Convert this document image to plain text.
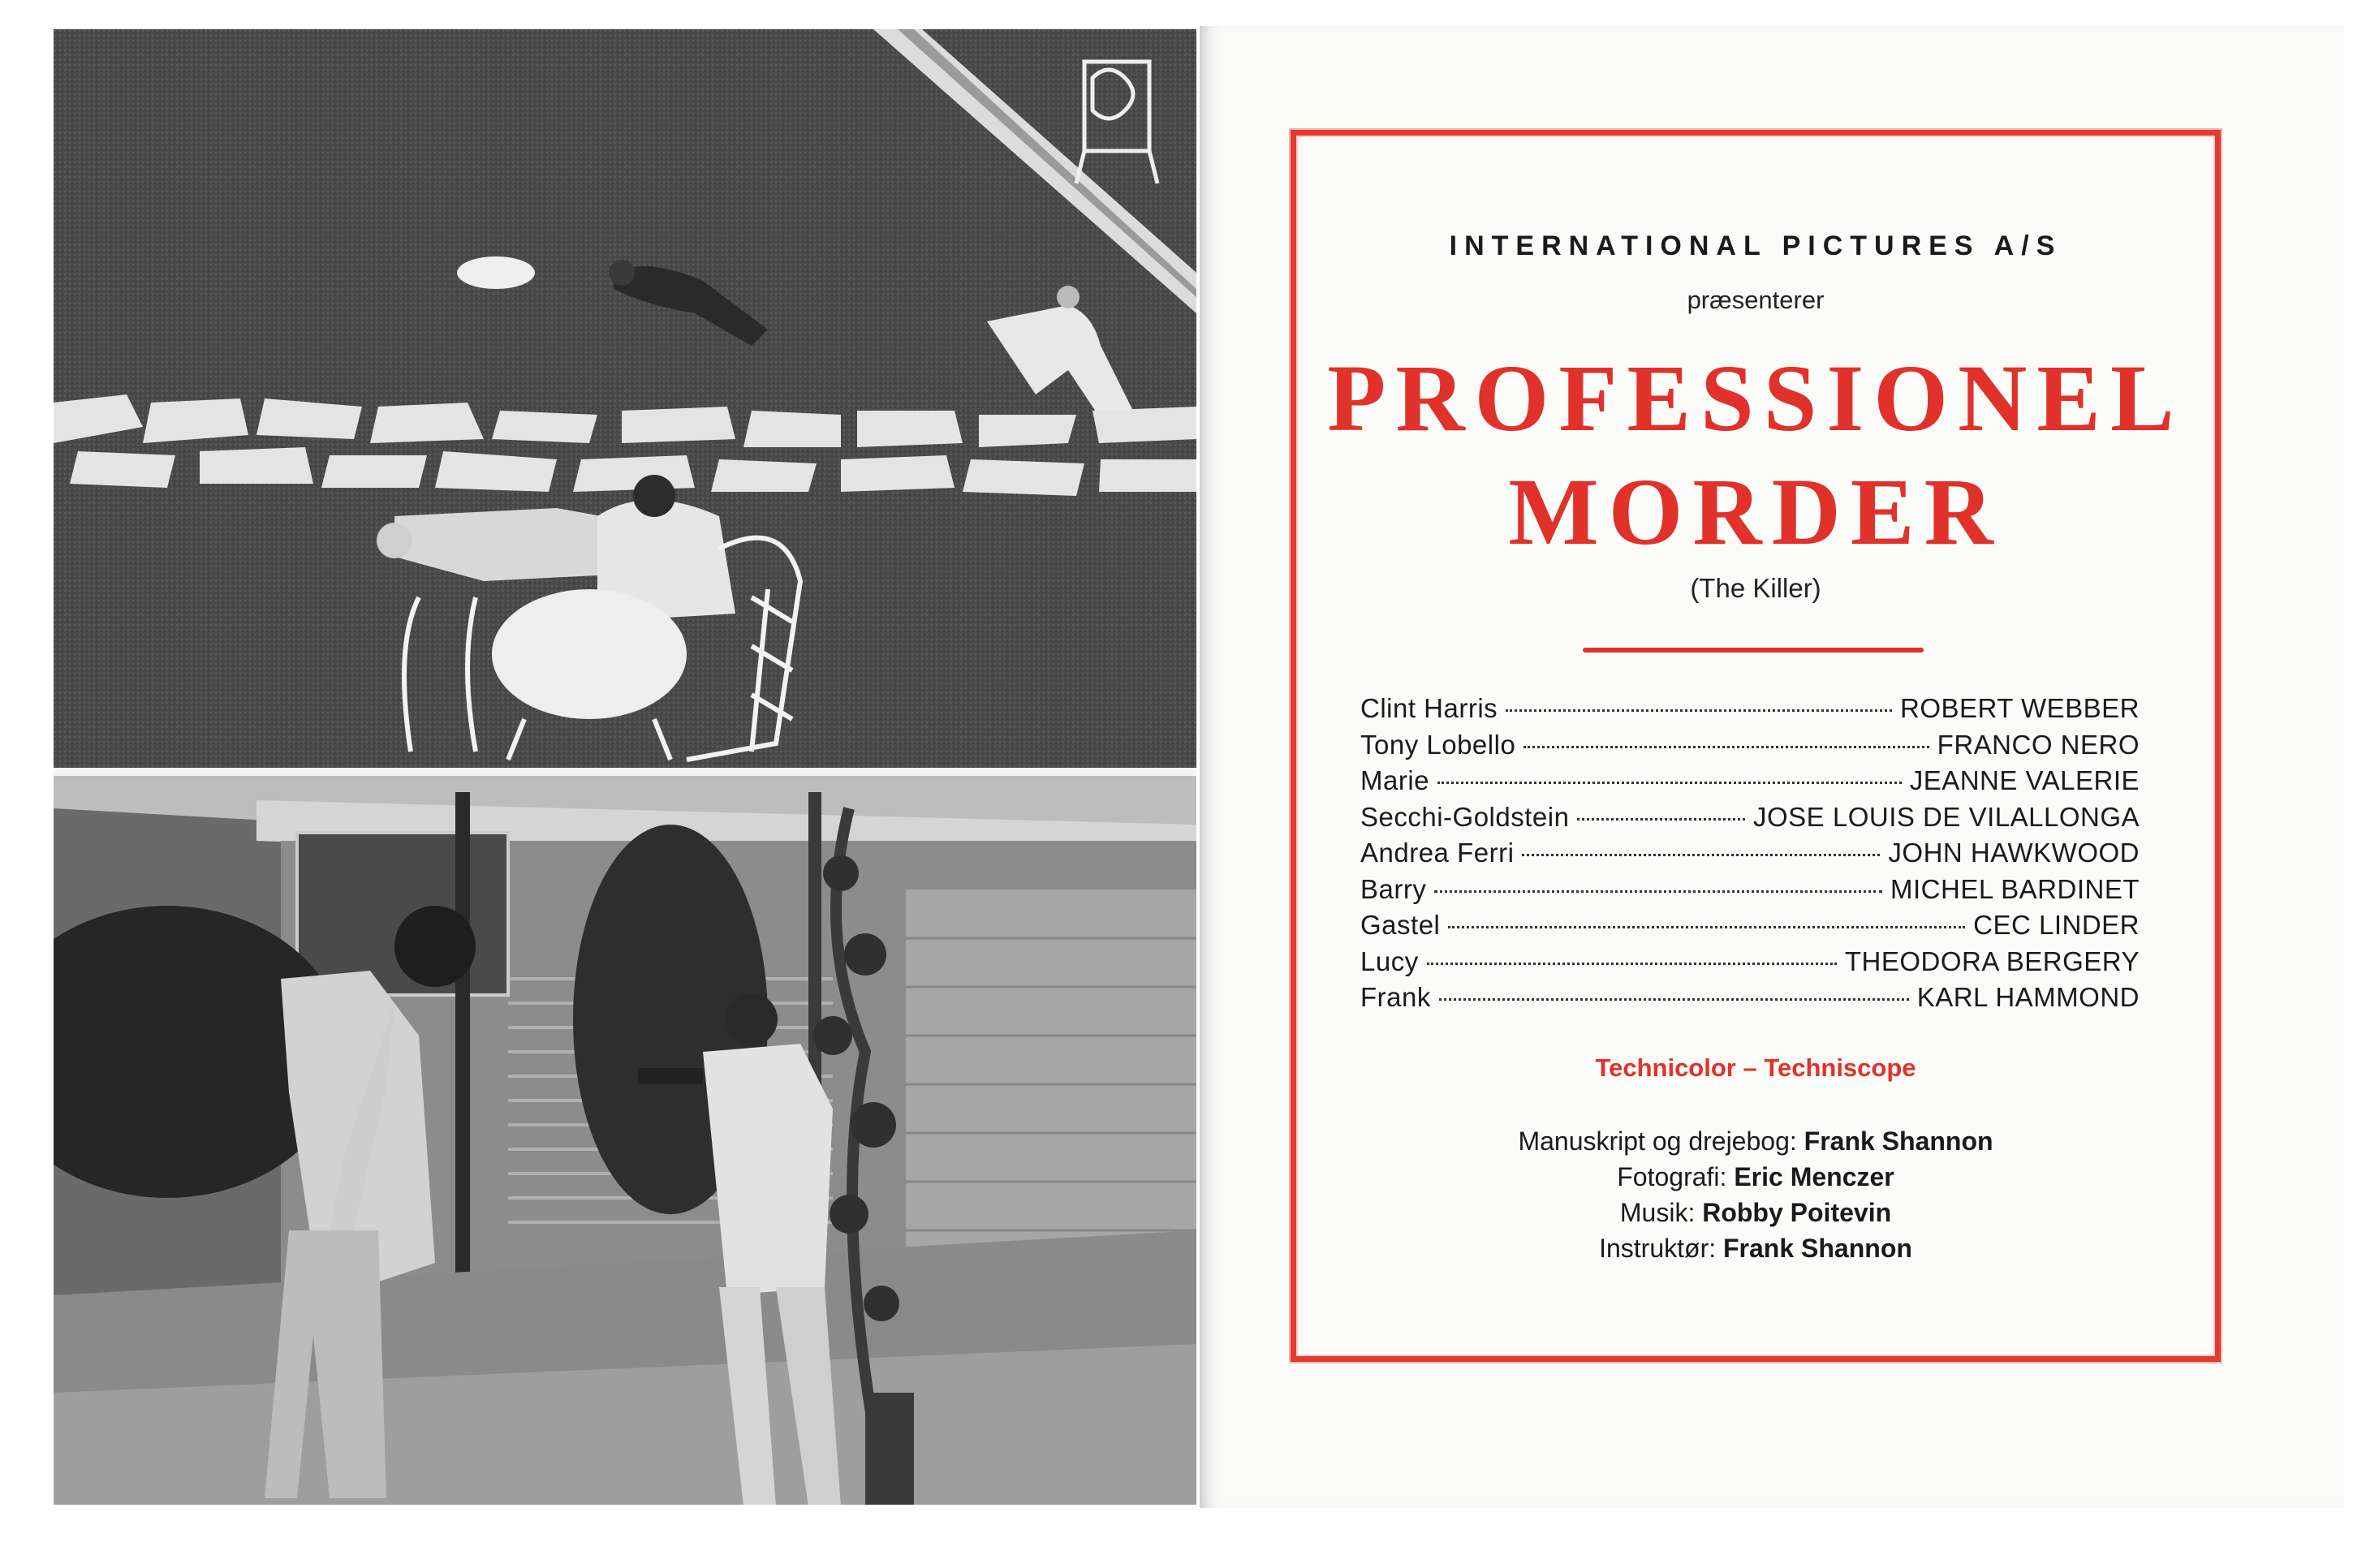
INTERNATIONAL PICTURES A/S
præsenterer
PROFESSIONEL
MORDER
(The Killer)
Clint Harris	ROBERT WEBBER
Tony Lobello	FRANCO NERO
Marie	JEANNE VALERIE
Secchi-Goldstein	JOSE LOUIS DE VILALLONGA
Andrea Ferri	JOHN HAWKWOOD
Barry	MICHEL BARDINET
Gastel	CEC LINDER
Lucy	THEODORA BERGERY
Frank	KARL HAMMOND
Technicolor – Techniscope
Manuskript og drejebog: Frank Shannon
Fotografi: Eric Menczer
Musik: Robby Poitevin
Instruktør: Frank Shannon
